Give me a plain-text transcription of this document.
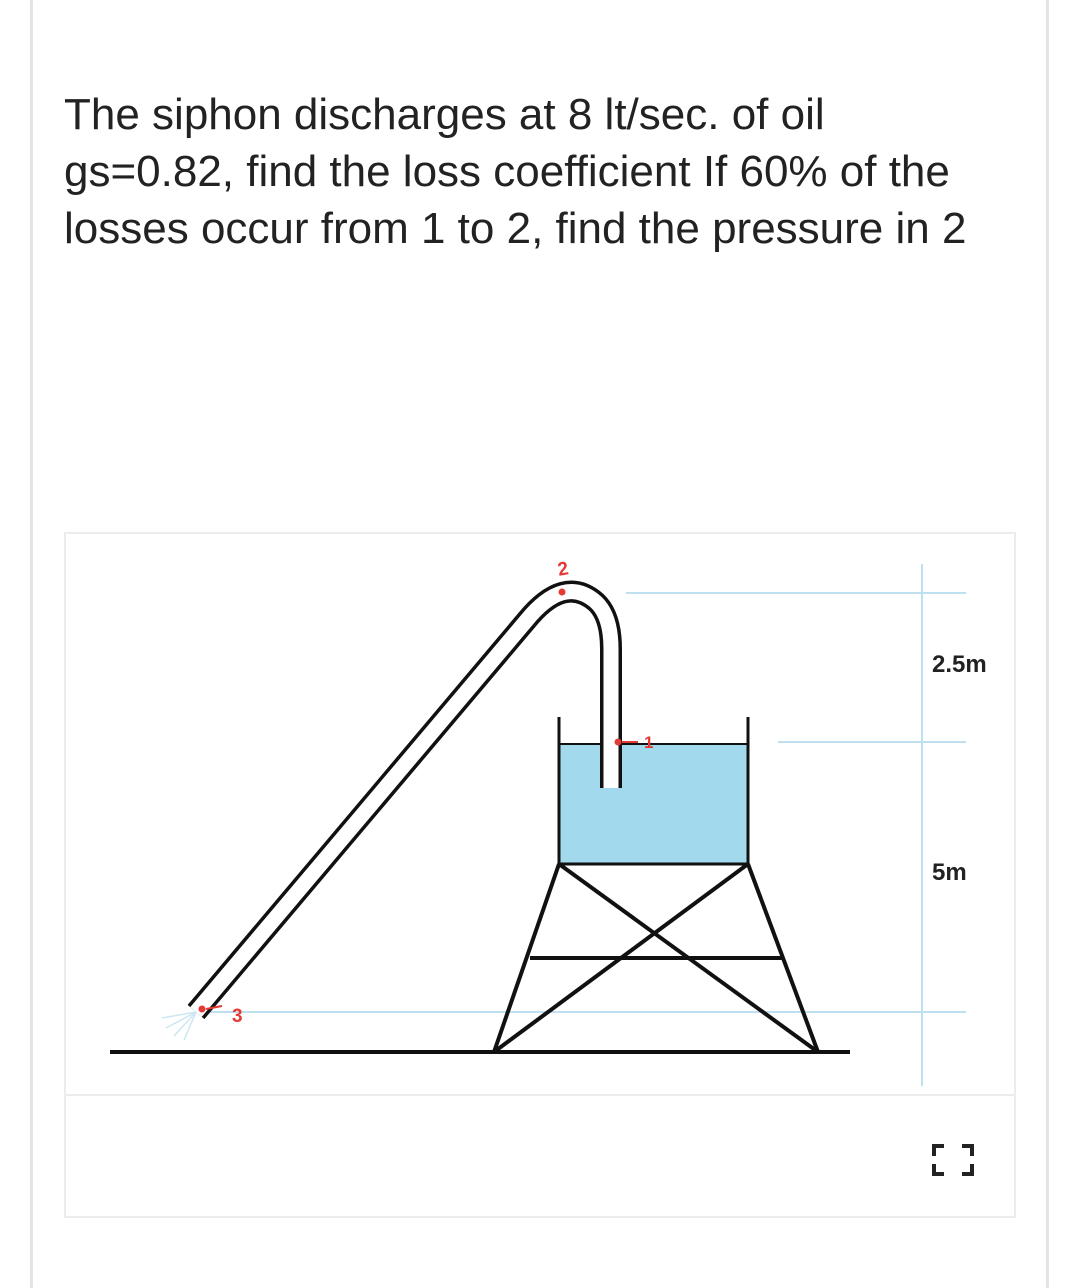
The siphon discharges at 8 lt/sec. of oil gs=0.82, find the loss coefficient If 60% of the losses occur from 1 to 2, find the pressure in 2

2
1
3
2.5m
5m
